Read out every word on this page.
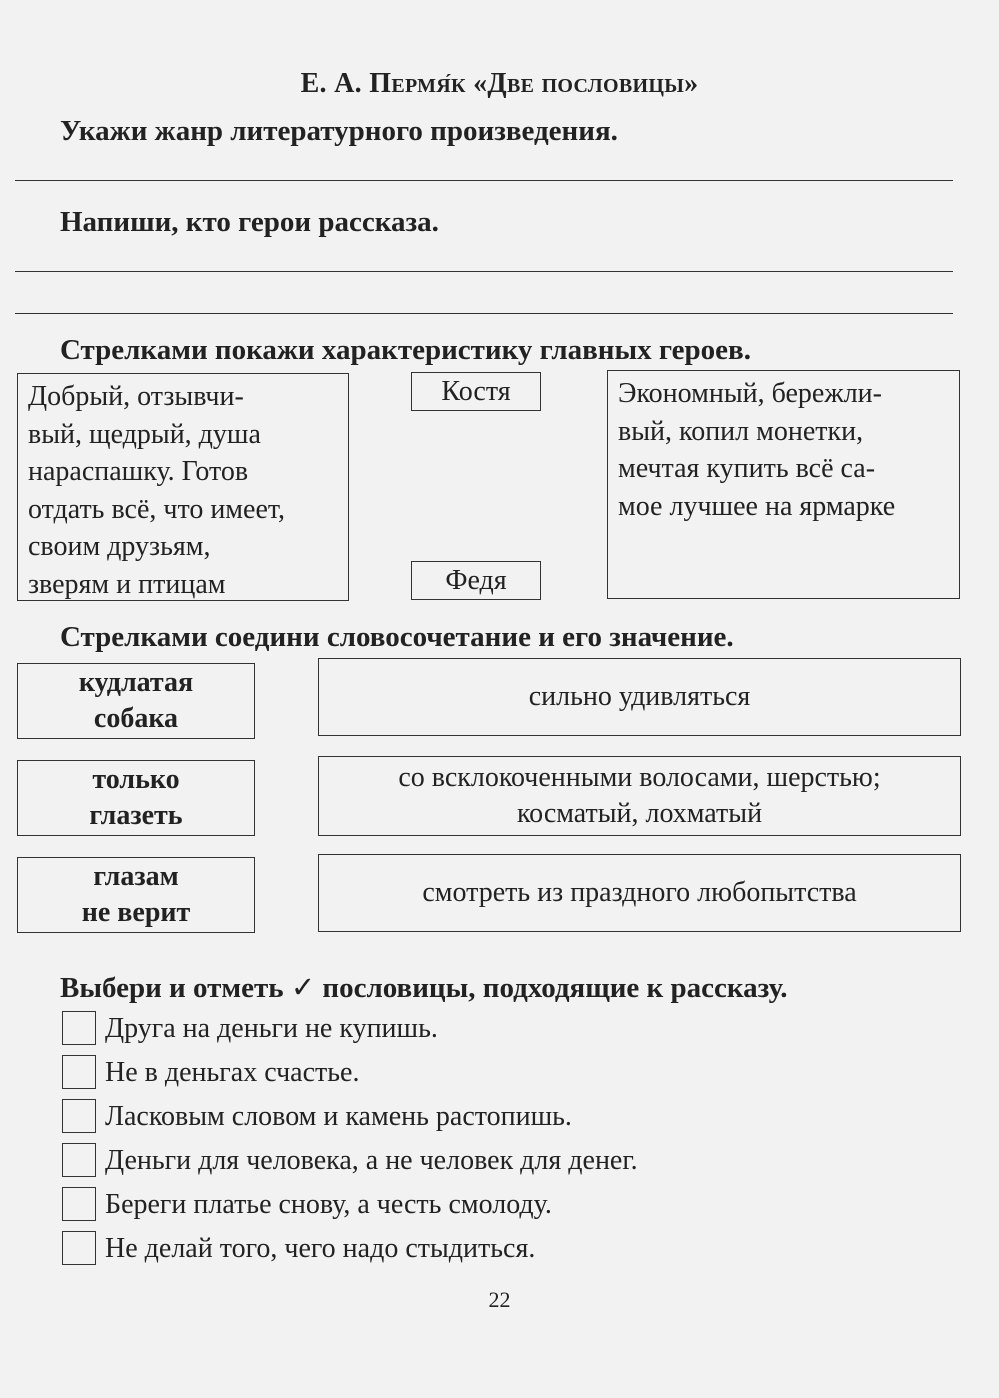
Е. А. Пермя́к «Две пословицы»
Укажи жанр литературного произведения.
Напиши, кто герои рассказа.
Стрелками покажи характеристику главных героев.
Добрый, отзывчи-
вый, щедрый, душа
нараспашку. Готов
отдать всё, что имеет,
своим друзьям,
зверям и птицам
Костя
Федя
Экономный, бережли-
вый, копил монетки,
мечтая купить всё са-
мое лучшее на ярмарке
Стрелками соедини словосочетание и его значение.
кудлатая
собака
только
глазеть
глазам
не верит
сильно удивляться
со всклокоченными волосами, шерстью;
косматый, лохматый
смотреть из праздного любопытства
Выбери и отметь ✓ пословицы, подходящие к рассказу.
Друга на деньги не купишь.
Не в деньгах счастье.
Ласковым словом и камень растопишь.
Деньги для человека, а не человек для денег.
Береги платье снову, а честь смолоду.
Не делай того, чего надо стыдиться.
22
